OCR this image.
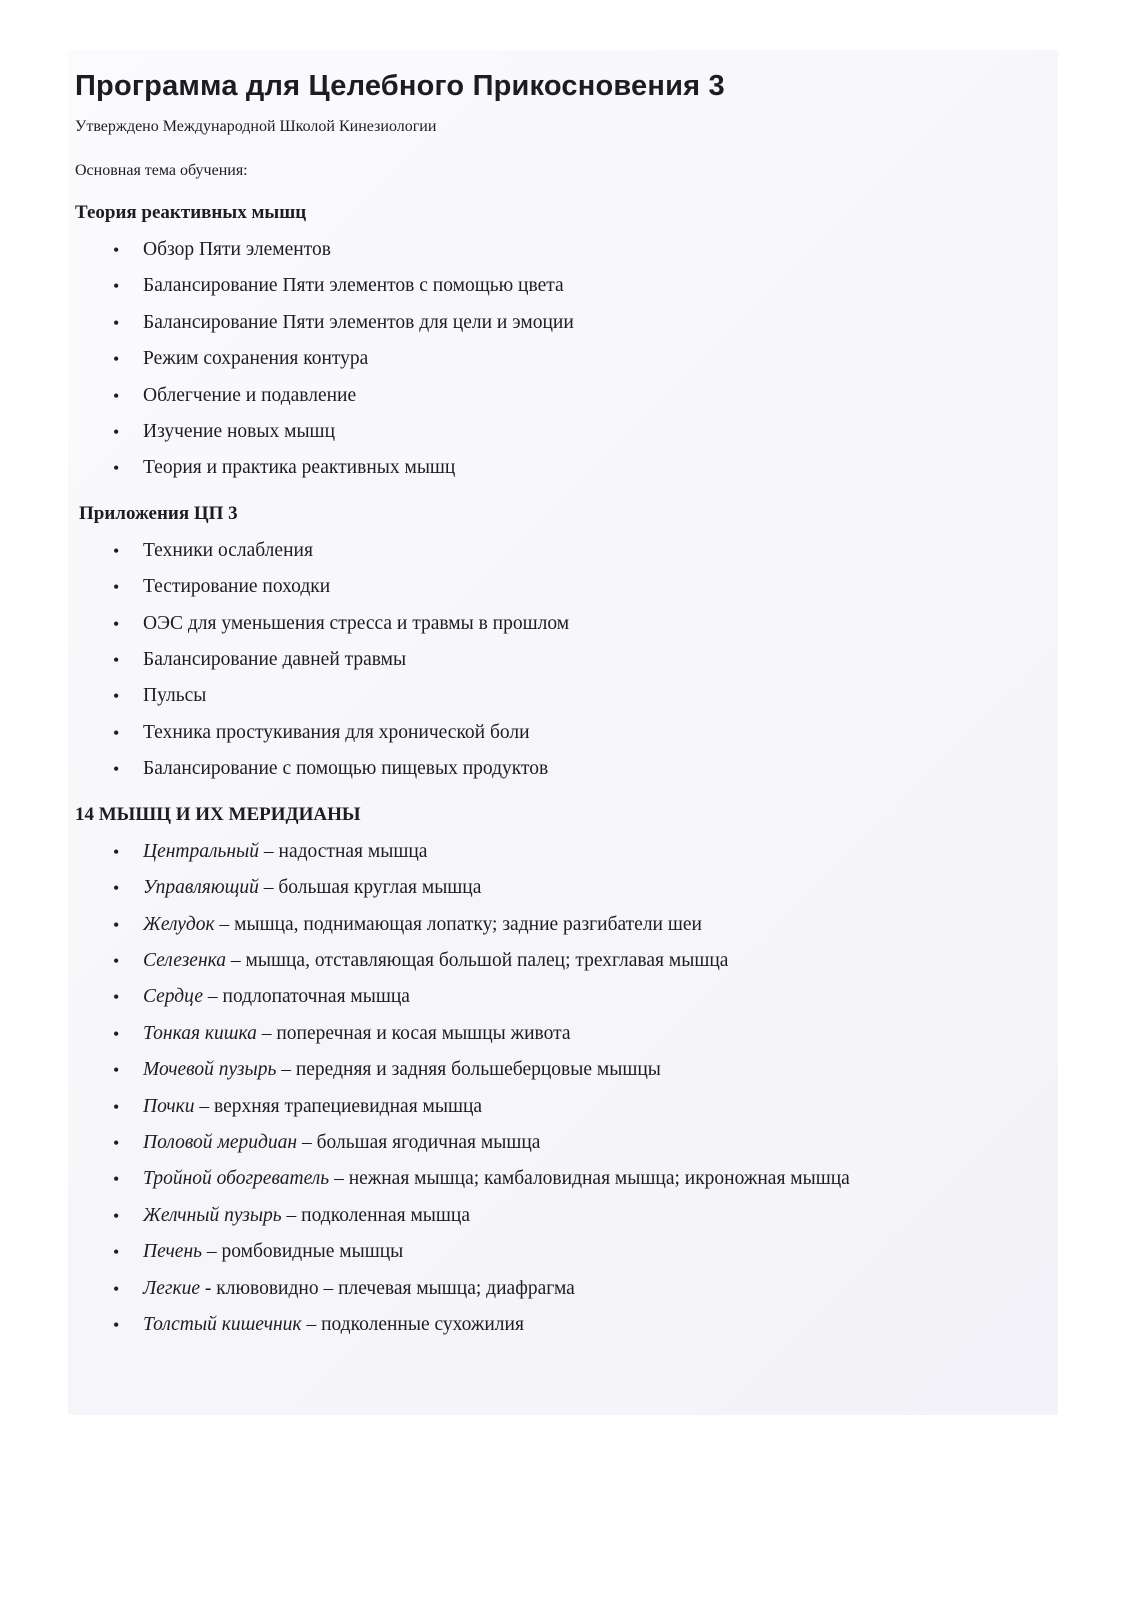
Программа для Целебного Прикосновения 3

Утверждено Международной Школой Кинезиологии

Основная тема обучения:

Теория реактивных мышц
• Обзор Пяти элементов
• Балансирование Пяти элементов с помощью цвета
• Балансирование Пяти элементов для цели и эмоции
• Режим сохранения контура
• Облегчение и подавление
• Изучение новых мышц
• Теория и практика реактивных мышц
Приложения ЦП 3
• Техники ослабления
• Тестирование походки
• ОЭС для уменьшения стресса и травмы в прошлом
• Балансирование давней травмы
• Пульсы
• Техника простукивания для хронической боли
• Балансирование с помощью пищевых продуктов
14 МЫШЦ И ИХ МЕРИДИАНЫ
• Центральный – надостная мышца
• Управляющий – большая круглая мышца
• Желудок – мышца, поднимающая лопатку; задние разгибатели шеи
• Селезенка – мышца, отставляющая большой палец; трехглавая мышца
• Сердце – подлопаточная мышца
• Тонкая кишка – поперечная и косая мышцы живота
• Мочевой пузырь – передняя и задняя большеберцовые мышцы
• Почки – верхняя трапециевидная мышца
• Половой меридиан – большая ягодичная мышца
• Тройной обогреватель – нежная мышца; камбаловидная мышца; икроножная мышца
• Желчный пузырь – подколенная мышца
• Печень – ромбовидные мышцы
• Легкие - клювовидно – плечевая мышца; диафрагма
• Толстый кишечник – подколенные сухожилия
